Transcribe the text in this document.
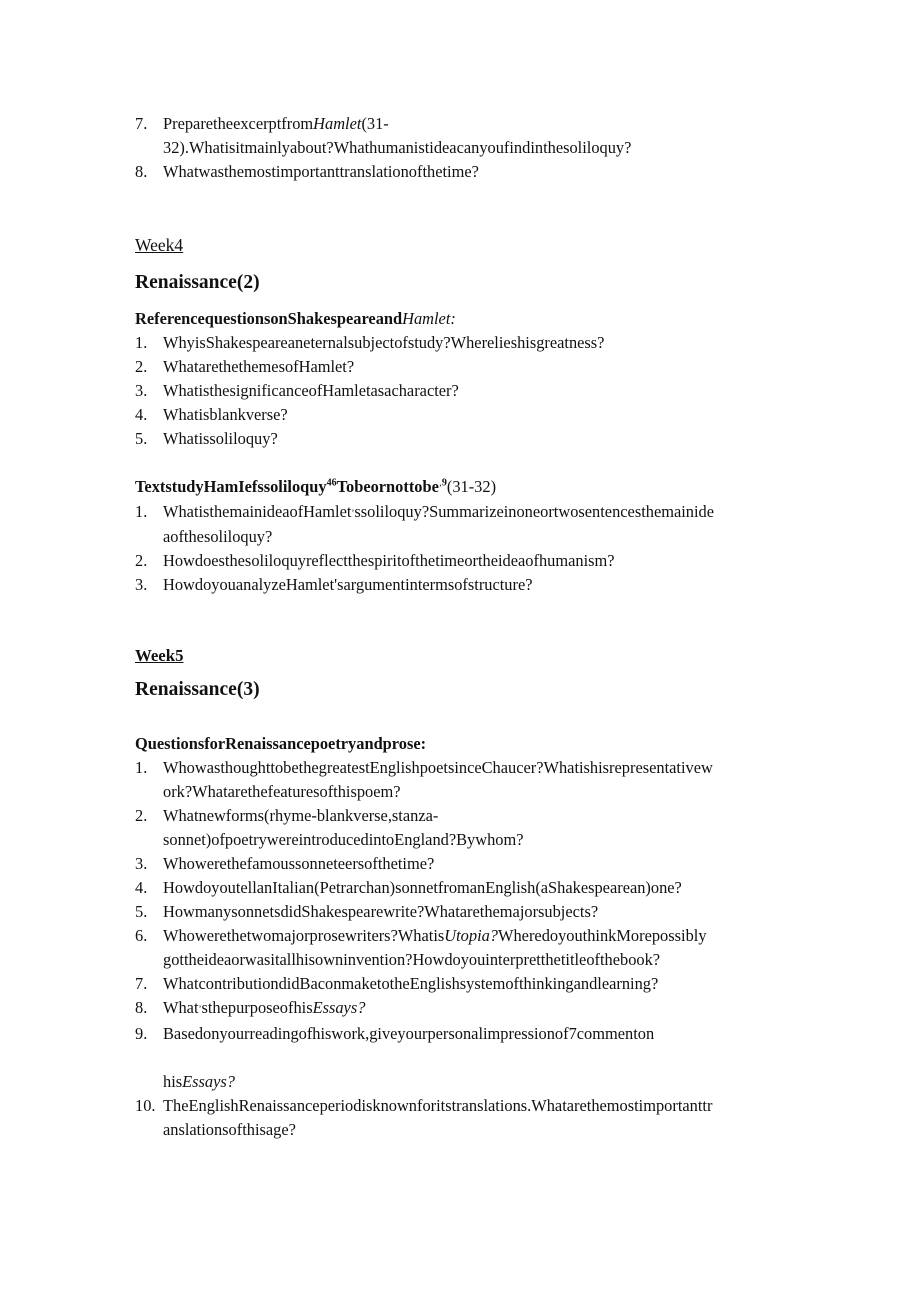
7. PreparetheexcerptfromHamlet(31-
32).Whatisitmainlyabout?Whathumanistideacanyoufindinthesoliloquy?
8. Whatwasthemostimportanttranslationofthetime?

Week4

Renaissance(2)

ReferencequestionsonShakespeareandHamlet:

1. WhyisShakespeareaneternalsubjectofstudy?Wherelieshisgreatness?
2. WhatarethethemesofHamlet?
3. WhatisthesignificanceofHamletasacharacter?
4. Whatisblankverse?
5. Whatissoliloquy?

TextstudyHamIefssoliloquy$^{46}$Tobeornottobe’$^9$(31-32)

1. WhatisthemainideaofHamlet’ssoliloquy?Summarizeinoneortwosentencesthemainide
aofthesoliloquy?
2. Howdoesthesoliloquyreflectthespiritofthetimeortheideaofhumanism?
3. HowdoyouanalyzeHamlet'sargumentintermsofstructure?

Week5

Renaissance(3)

QuestionsforRenaissancepoetryandprose:

1. WhowasthoughttobethegreatestEnglishpoetsinceChaucer?Whatishisrepresentativew
ork?Whatarethefeaturesofthispoem?
2. Whatnewforms(rhyme-blankverse,stanza-
sonnet)ofpoetrywereintroducedintoEngland?Bywhom?
3. Whowerethefamoussonneteersofthetime?
4. HowdoyoutellanItalian(Petrarchan)sonnetfromanEnglish(aShakespearean)one?
5. HowmanysonnetsdidShakespearewrite?Whatarethemajorsubjects?
6. Whowerethetwomajorprosewriters?WhatisUtopia?WheredoyouthinkMorepossibly
gottheideaorwasitallhisowninvention?Howdoyouinterpretthetitleofthebook?
7. WhatcontributiondidBaconmaketotheEnglishsystemofthinkingandlearning?
8. What’sthepurposeofhisEssays?
9. Basedonyourreadingofhiswork,giveyourpersonalimpressionof7commenton
hisEssays?
10. TheEnglishRenaissanceperiodisknownforitstranslations.Whatarethemostimportanttr
anslationsofthisage?
